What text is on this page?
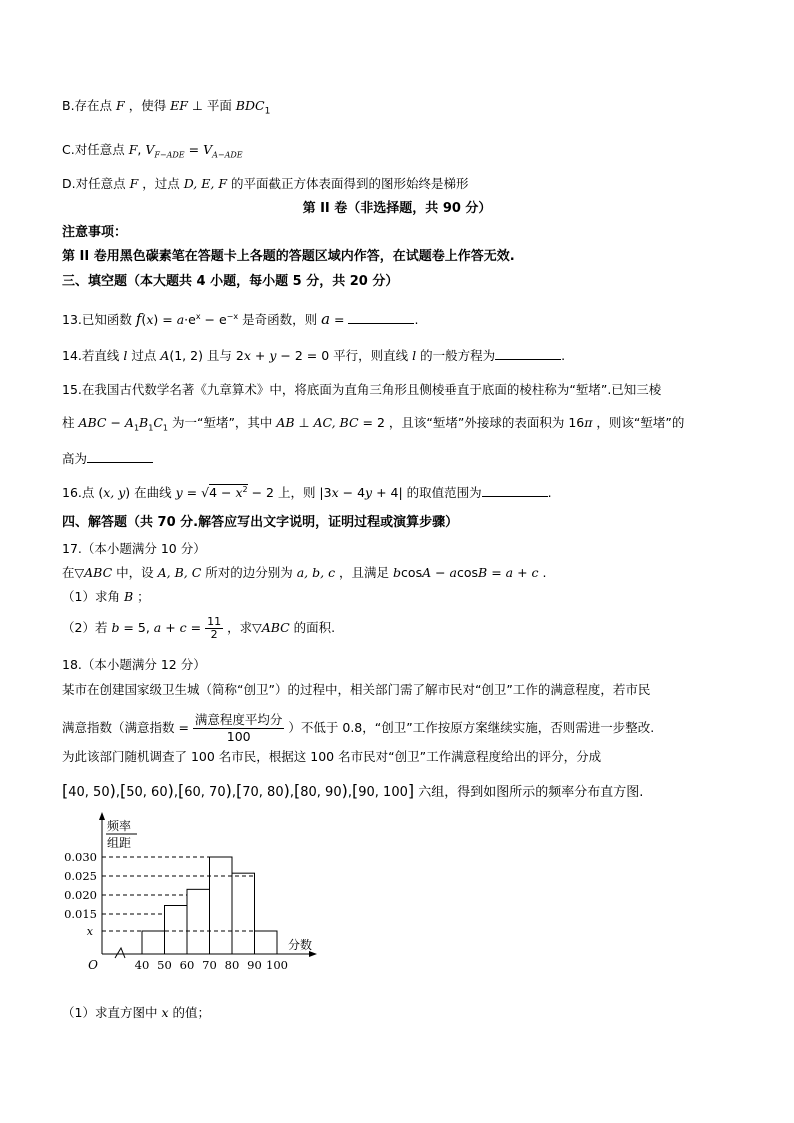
B.存在点 F ，使得 EF ⊥ 平面 $BDC_1$
C.对任意点 F, $V_{F-ADE} = V_{A-ADE}$
D.对任意点 F ，过点 D, E, F 的平面截正方体表面得到的图形始终是梯形
第 II 卷（非选择题，共 90 分）
注意事项：
第 II 卷用黑色碳素笔在答题卡上各题的答题区域内作答，在试题卷上作答无效.
三、填空题（本大题共 4 小题，每小题 5 分，共 20 分）
13.已知函数 $f(x) = a\cdot e^x - e^{-x}$ 是奇函数，则 a =	.
14.若直线 l 过点 A(1, 2) 且与 2x + y − 2 = 0 平行，则直线 l 的一般方程为	.
15.在我国古代数学名著《九章算术》中，将底面为直角三角形且侧棱垂直于底面的棱柱称为“堑堵”.已知三棱
柱 ABC − $A_1B_1C_1$ 为一“堑堵”，其中 AB ⊥ AC, BC = 2 ，且该“堑堵”外接球的表面积为 16π ，则该“堑堵”的
高为
16.点 (x, y) 在曲线 $y = √4 - x^2 - 2$ 上，则 |3x − 4y + 4| 的取值范围为	.
四、解答题（共 70 分.解答应写出文字说明，证明过程或演算步骤）
17.（本小题满分 10 分）
在▽ABC 中，设 A, B, C 所对的边分别为 a, b, c ，且满足 bcosA − acosB = a + c .
（1）求角 B ；
（2）若 b = 5, $a + c = \frac{11}{2}$ ，求▽ABC 的面积.
18.（本小题满分 12 分）
某市在创建国家级卫生城（简称“创卫”）的过程中，相关部门需了解市民对“创卫”工作的满意程度，若市民
满意指数（满意指数 = $\frac{\text{满意程度平均分}}{100}$ ）不低于 0.8，“创卫”工作按原方案继续实施，否则需进一步整改.
为此该部门随机调查了 100 名市民，根据这 100 名市民对“创卫”工作满意程度给出的评分，分成
[40, 50),[50, 60),[60, 70),[70, 80),[80, 90),[90, 100] 六组，得到如图所示的频率分布直方图.
0.030
0.025
0.020
0.015
x
40 50 60 70 80 90 100
O
频率
组距
分数
（1）求直方图中 x 的值；
